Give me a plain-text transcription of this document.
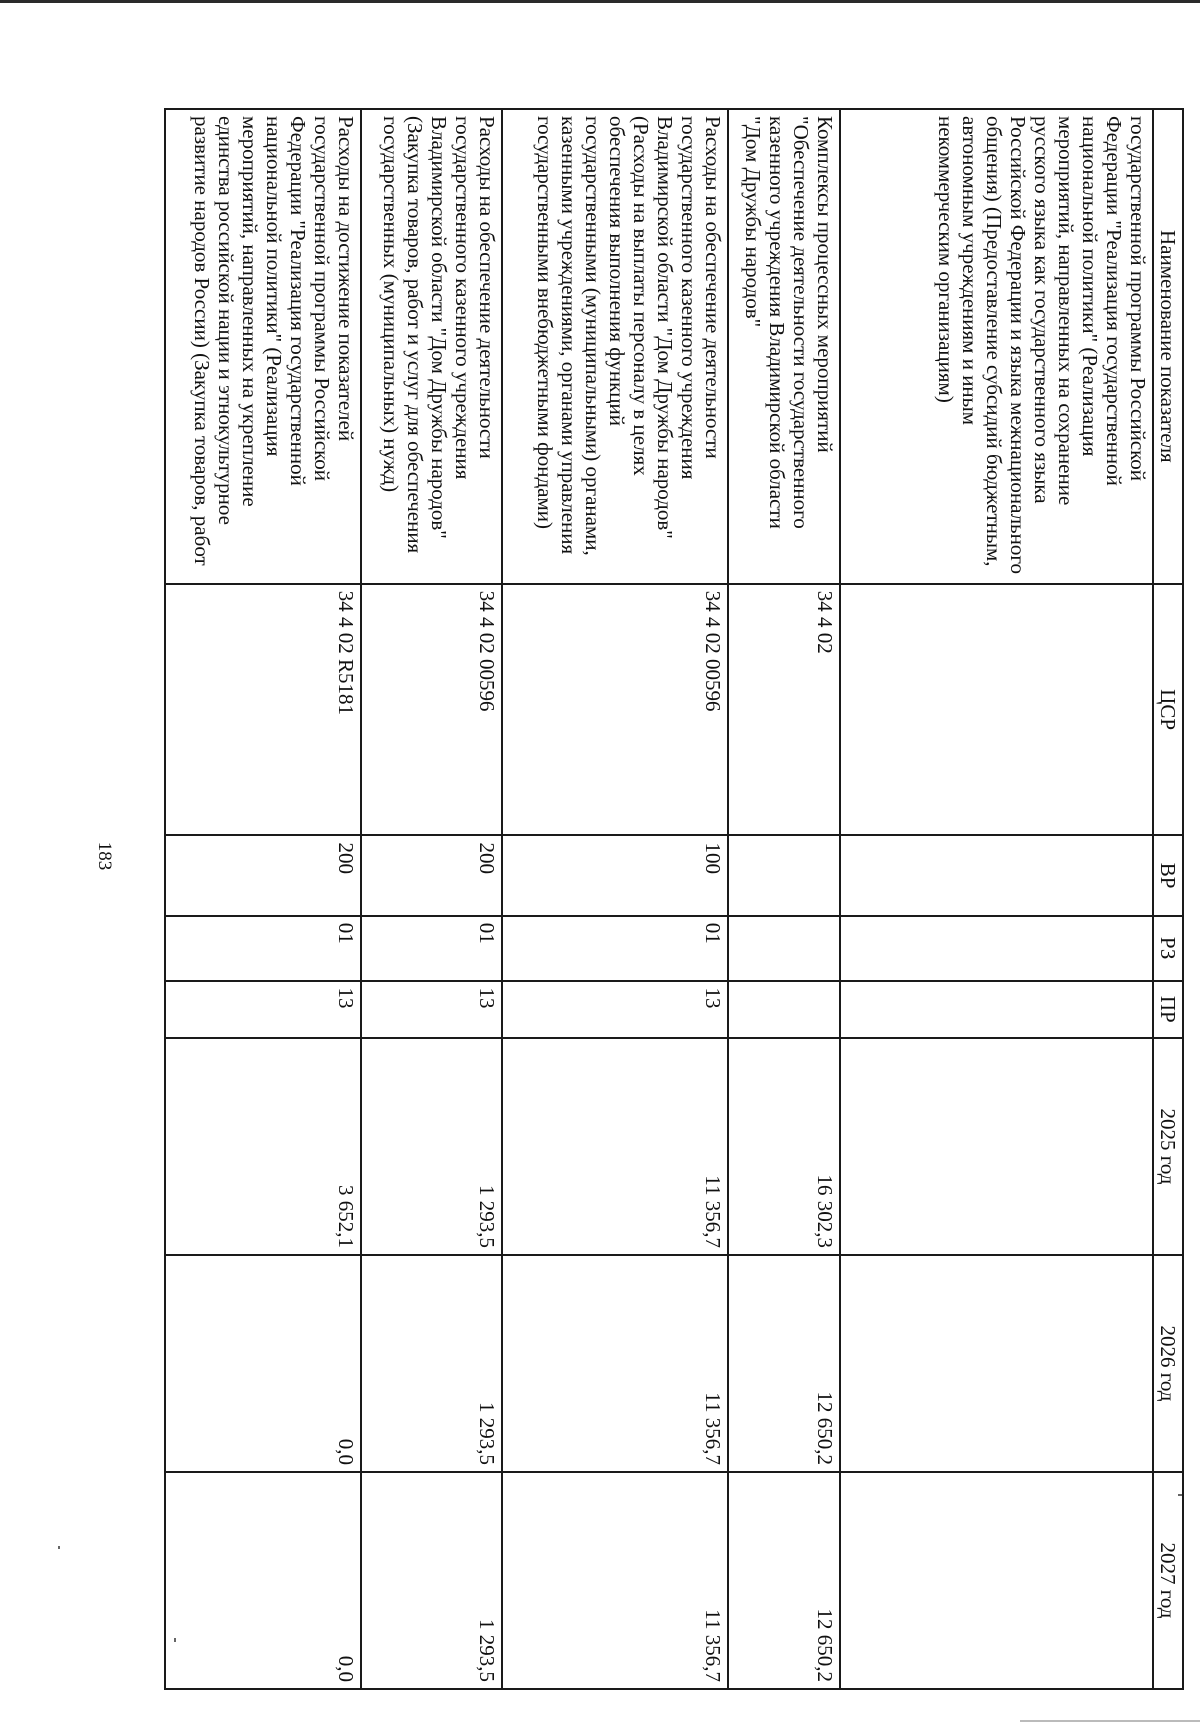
183
Наименование показателя	ЦСР	ВР	РЗ	ПР	2025 год	2026 год	2027 год
государственной программы Российской Федерации "Реализация государственной национальной политики" (Реализация мероприятий, направленных на сохранение русского языка как государственного языка Российской Федерации и языка межнационального общения) (Предоставление субсидий бюджетным, автономным учреждениям и иным некоммерческим организациям)							
Комплексы процессных мероприятий "Обеспечение деятельности государственного казенного учреждения Владимирской области "Дом Дружбы народов"	34 4 02				16 302,3	12 650,2	12 650,2
Расходы на обеспечение деятельности государственного казенного учреждения Владимирской области "Дом Дружбы народов" (Расходы на выплаты персоналу в целях обеспечения выполнения функций государственными (муниципальными) органами, казенными учреждениями, органами управления государственными внебюджетными фондами)	34 4 02 00596	100	01	13	11 356,7	11 356,7	11 356,7
Расходы на обеспечение деятельности государственного казенного учреждения Владимирской области "Дом Дружбы народов" (Закупка товаров, работ и услуг для обеспечения государственных (муниципальных) нужд)	34 4 02 00596	200	01	13	1 293,5	1 293,5	1 293,5
Расходы на достижение показателей государственной программы Российской Федерации "Реализация государственной национальной политики" (Реализация мероприятий, направленных на укрепление единства российской нации и этнокультурное развитие народов России) (Закупка товаров, работ	34 4 02 R5181	200	01	13	3 652,1	0,0	0,0
